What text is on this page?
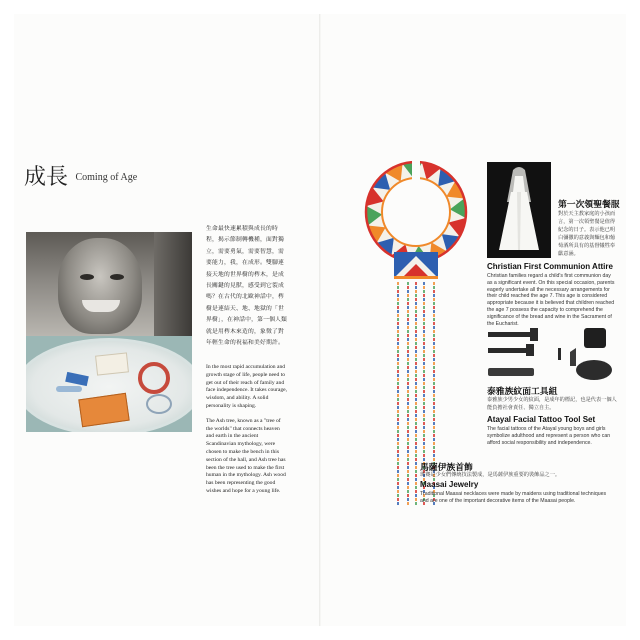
成長 $^{Coming of Age}$
生命最快速累積與成長的時程，揭示節制轉機種，面對獨立，需要勇氣，需要智慧，需要能力，我，在成形。雙腳連接天地的世界樹的梣木，是成長關鍵的見獸，感受到它裂成嗎？在古代的北歐神話中，梣樹是連結天、地、地獄的「世界樹」，在神話中，第一個人類就是用梣木來造的，象徵了對年輕生命的祝福和美好期許。

In the most rapid accumulation and growth stage of life, people need to get out of their reach of family and face independence. It takes courage, wisdom, and ability. A solid personality is shaping.

The Ash tree, known as a "tree of the worlds" that connects heaven and earth in the ancient Scandinavian mythology, were chosen to make the bench in this section of the hall, and Ash tree has been the tree used to make the first human in the mythology. Ash wood has been representing the good wishes and hope for a young life.

第一次領聖餐服
對於天主教家庭的小孩而言，第一次領聖餐是值得紀念的日子。表示他已明白彌撒的意義與麵包和葡萄酒所具有的基督犧牲奉獻意涵。
Christian First Communion Attire
Christian families regard a child's first communion day as a significant event. On this special occasion, parents eagerly undertake all the necessary arrangements for their child reached the age 7. This age is considered appropriate because it is believed that children reached the age 7 possess the capacity to comprehend the significance of the bread and wine in the Sacrament of the Eucharist.
泰雅族紋面工具組
泰雅族少男少女的紋面，是成年的標記，也是代表一個人能負擔社會責任、獨立自主。
Atayal Facial Tattoo Tool Set
The facial tattoos of the Atayal young boys and girls symbolize adulthood and represent a person who can afford social responsibility and independence.
馬薩伊族首飾
瑪賽是少女們傳統技法製成，是馬薩伊族重要的裝飾品之一。
Maasai Jewelry
Traditional Maasai necklaces were made by maidens using traditional techniques and are one of the important decorative items of the Maasai people.
